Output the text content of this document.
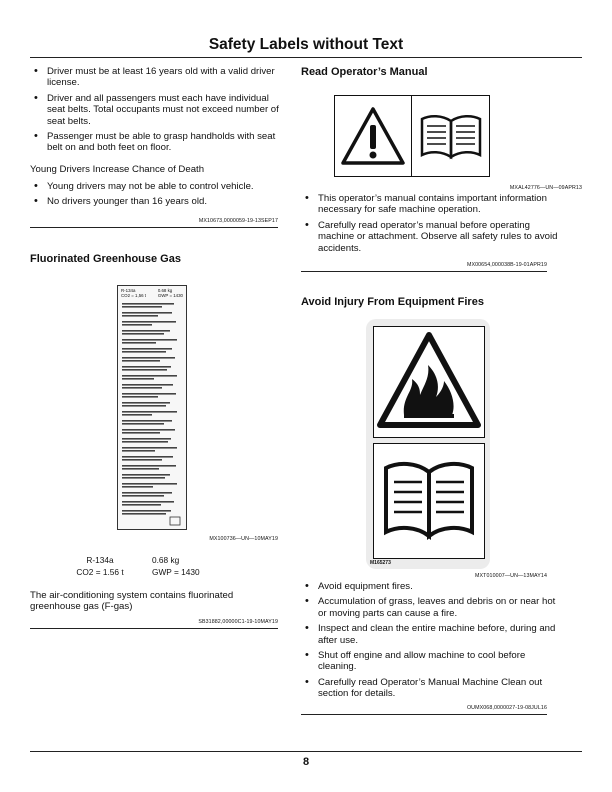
Safety Labels without Text
• Driver must be at least 16 years old with a valid driver license.
• Driver and all passengers must each have individual seat belts. Total occupants must not exceed number of seat belts.
• Passenger must be able to grasp handholds with seat belt on and both feet on floor.
Young Drivers Increase Chance of Death
• Young drivers may not be able to control vehicle.
• No drivers younger than 16 years old.
MX10673,0000059-19-13SEP17
Fluorinated Greenhouse Gas
R-134a
CO2 = 1,56 t
0.68 kg
GWP = 1430
MX100736—UN—10MAY19
R-134a	0.68 kg
CO2 = 1.56 t	GWP = 1430
The air-conditioning system contains fluorinated greenhouse gas (F-gas)
SB31882,00000C1-19-10MAY19
Read Operator’s Manual
MXAL42776—UN—09APR13
• This operator’s manual contains important information necessary for safe machine operation.
• Carefully read operator’s manual before operating machine or attachment. Observe all safety rules to avoid accidents.
MX00654,000038B-19-01APR19
Avoid Injury From Equipment Fires
M165273
MXT010007—UN—13MAY14
• Avoid equipment fires.
• Accumulation of grass, leaves and debris on or near hot or moving parts can cause a fire.
• Inspect and clean the entire machine before, during and after use.
• Shut off engine and allow machine to cool before cleaning.
• Carefully read Operator’s Manual Machine Clean out section for details.
OUMX068,0000027-19-08JUL16
8
